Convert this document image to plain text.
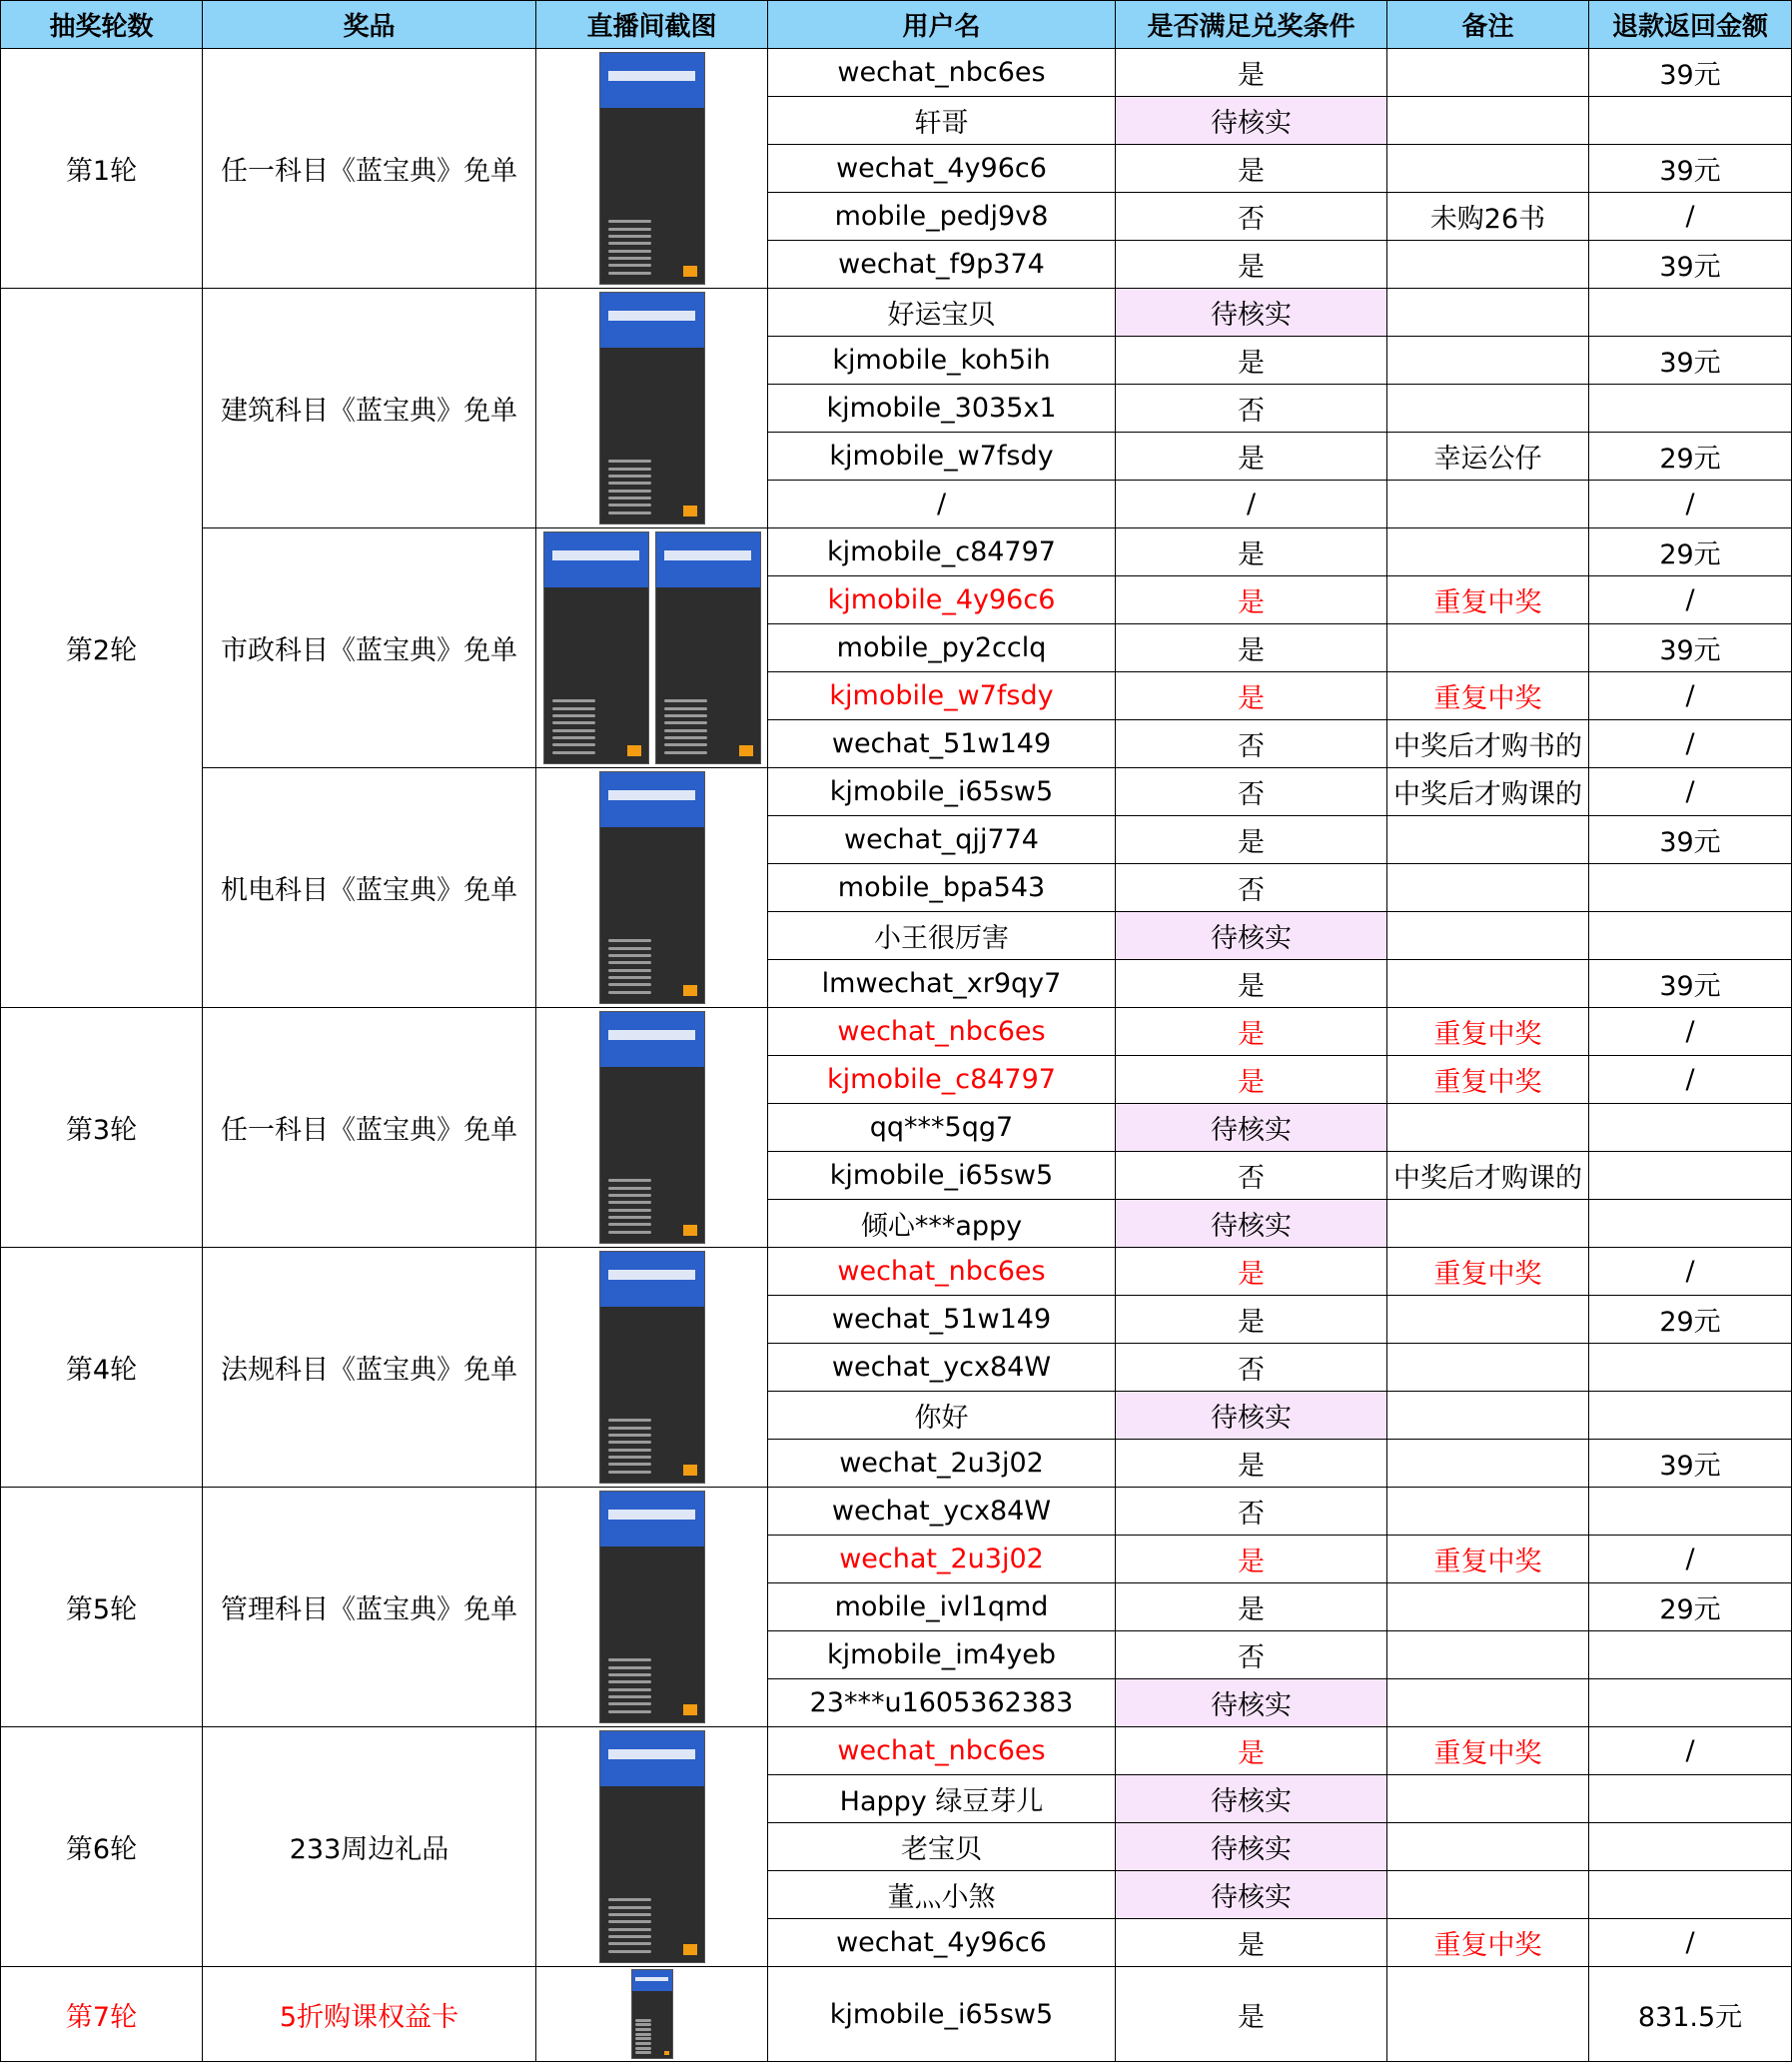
抽奖轮数	奖品	直播间截图	用户名	是否满足兑奖条件	备注	退款返回金额
第1轮	任一科目《蓝宝典》免单		wechat_nbc6es	是		39元
			轩哥	待核实		
			wechat_4y96c6	是		39元
			mobile_pedj9v8	否	未购26书	/
			wechat_f9p374	是		39元
第2轮	建筑科目《蓝宝典》免单		好运宝贝	待核实		
			kjmobile_koh5ih	是		39元
			kjmobile_3035x1	否		
			kjmobile_w7fsdy	是	幸运公仔	29元
			/	/		/
	市政科目《蓝宝典》免单		kjmobile_c84797	是		29元
			kjmobile_4y96c6	是	重复中奖	/
			mobile_py2cclq	是		39元
			kjmobile_w7fsdy	是	重复中奖	/
			wechat_51w149	否	中奖后才购书的	/
	机电科目《蓝宝典》免单		kjmobile_i65sw5	否	中奖后才购课的	/
			wechat_qjj774	是		39元
			mobile_bpa543	否		
			小王很厉害	待核实		
			lmwechat_xr9qy7	是		39元
第3轮	任一科目《蓝宝典》免单		wechat_nbc6es	是	重复中奖	/
			kjmobile_c84797	是	重复中奖	/
			qq***5qg7	待核实		
			kjmobile_i65sw5	否	中奖后才购课的	
			倾心***appy	待核实		
第4轮	法规科目《蓝宝典》免单		wechat_nbc6es	是	重复中奖	/
			wechat_51w149	是		29元
			wechat_ycx84W	否		
			你好	待核实		
			wechat_2u3j02	是		39元
第5轮	管理科目《蓝宝典》免单		wechat_ycx84W	否		
			wechat_2u3j02	是	重复中奖	/
			mobile_ivl1qmd	是		29元
			kjmobile_im4yeb	否		
			23***u1605362383	待核实		
第6轮	233周边礼品		wechat_nbc6es	是	重复中奖	/
			Happy 绿豆芽儿	待核实		
			老宝贝	待核实		
			董灬小煞	待核实		
			wechat_4y96c6	是	重复中奖	/
第7轮	5折购课权益卡		kjmobile_i65sw5	是		831.5元
